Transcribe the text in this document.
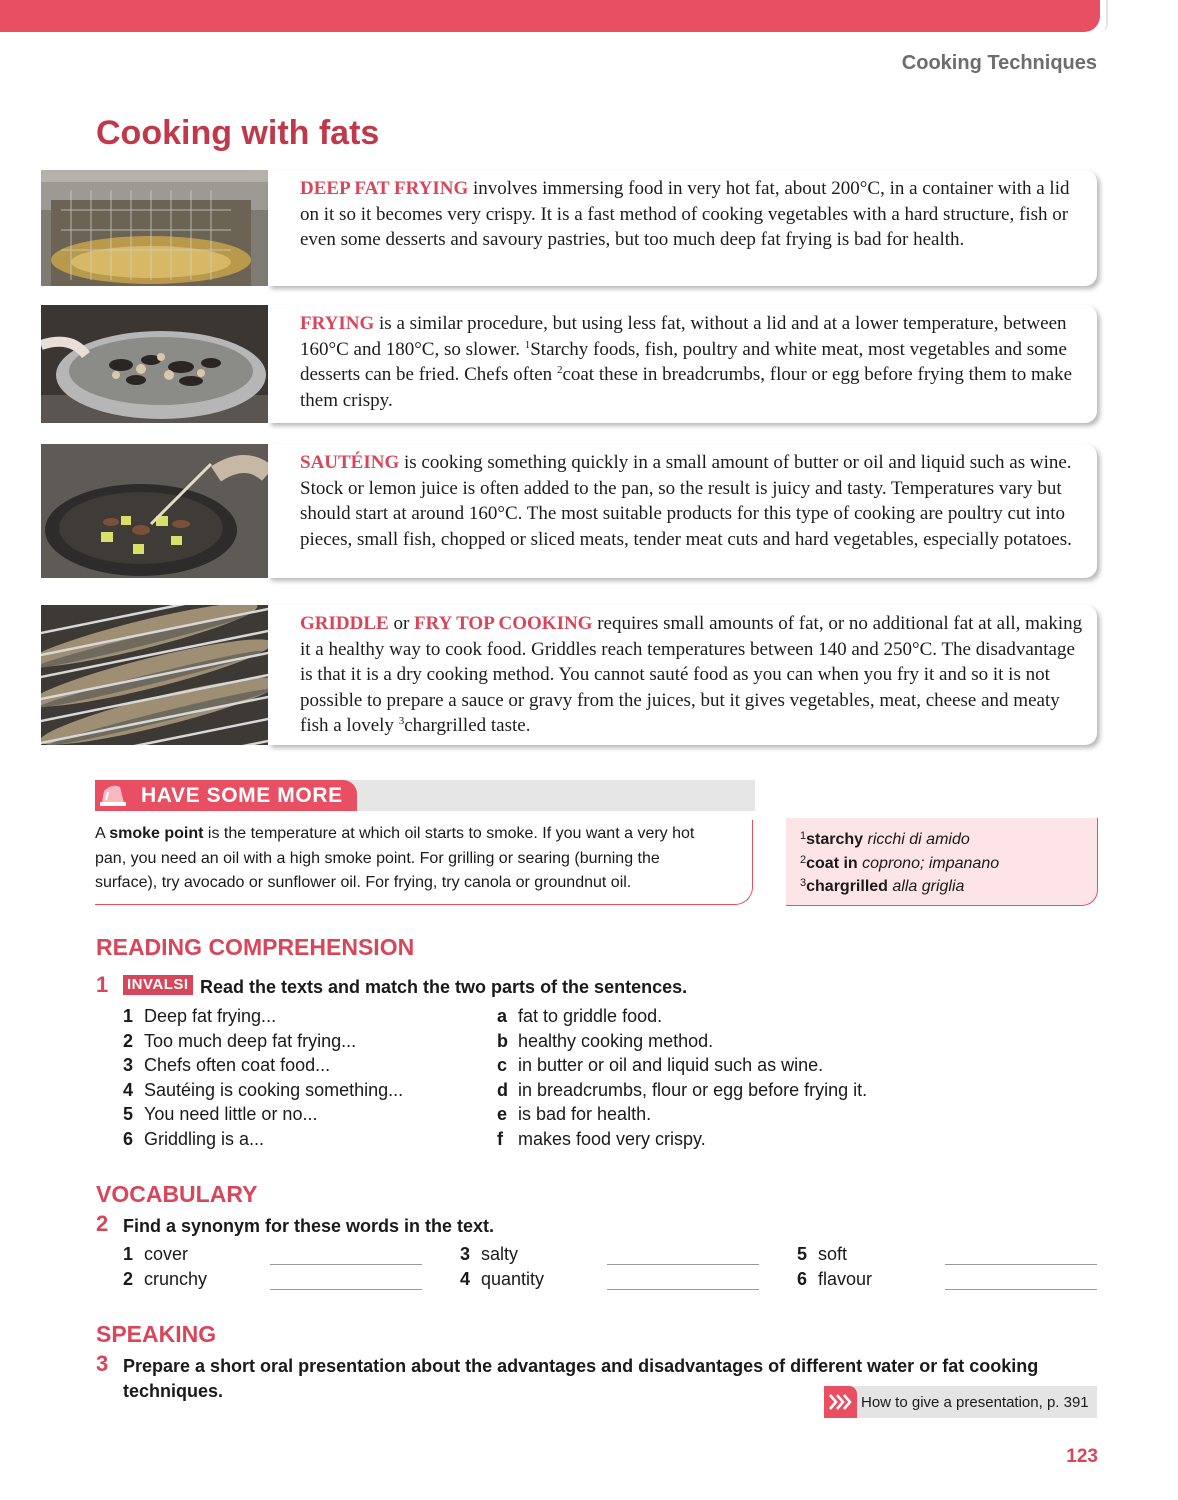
Cooking Techniques
Cooking with fats
DEEP FAT FRYING involves immersing food in very hot fat, about 200°C, in a container with a lid on it so it becomes very crispy. It is a fast method of cooking vegetables with a hard structure, fish or even some desserts and savoury pastries, but too much deep fat frying is bad for health.
FRYING is a similar procedure, but using less fat, without a lid and at a lower temperature, between 160°C and 180°C, so slower. $^1$Starchy foods, fish, poultry and white meat, most vegetables and some desserts can be fried. Chefs often $^2$coat these in breadcrumbs, flour or egg before frying them to make them crispy.
SAUTÉING is cooking something quickly in a small amount of butter or oil and liquid such as wine. Stock or lemon juice is often added to the pan, so the result is juicy and tasty. Temperatures vary but should start at around 160°C. The most suitable products for this type of cooking are poultry cut into pieces, small fish, chopped or sliced meats, tender meat cuts and hard vegetables, especially potatoes.
GRIDDLE or FRY TOP COOKING requires small amounts of fat, or no additional fat at all, making it a healthy way to cook food. Griddles reach temperatures between 140 and 250°C. The disadvantage is that it is a dry cooking method. You cannot sauté food as you can when you fry it and so it is not possible to prepare a sauce or gravy from the juices, but it gives vegetables, meat, cheese and meaty fish a lovely $^3$chargrilled taste.
HAVE SOME MORE

A smoke point is the temperature at which oil starts to smoke. If you want a very hot pan, you need an oil with a high smoke point. For grilling or searing (burning the surface), try avocado or sunflower oil. For frying, try canola or groundnut oil.

$^1$starchy ricchi di amido
$^2$coat in coprono; impanano
$^3$chargrilled alla griglia
READING COMPREHENSION
1 INVALSI Read the texts and match the two parts of the sentences.
1 Deep fat frying...
2 Too much deep fat frying...
3 Chefs often coat food...
4 Sautéing is cooking something...
5 You need little or no...
6 Griddling is a...
a fat to griddle food.
b healthy cooking method.
c in butter or oil and liquid such as wine.
d in breadcrumbs, flour or egg before frying it.
e is bad for health.
f makes food very crispy.
VOCABULARY
2 Find a synonym for these words in the text.
1 cover
2 crunchy
3 salty
4 quantity
5 soft
6 flavour
SPEAKING
3 Prepare a short oral presentation about the advantages and disadvantages of different water or fat cooking techniques.
How to give a presentation, p. 391
123
